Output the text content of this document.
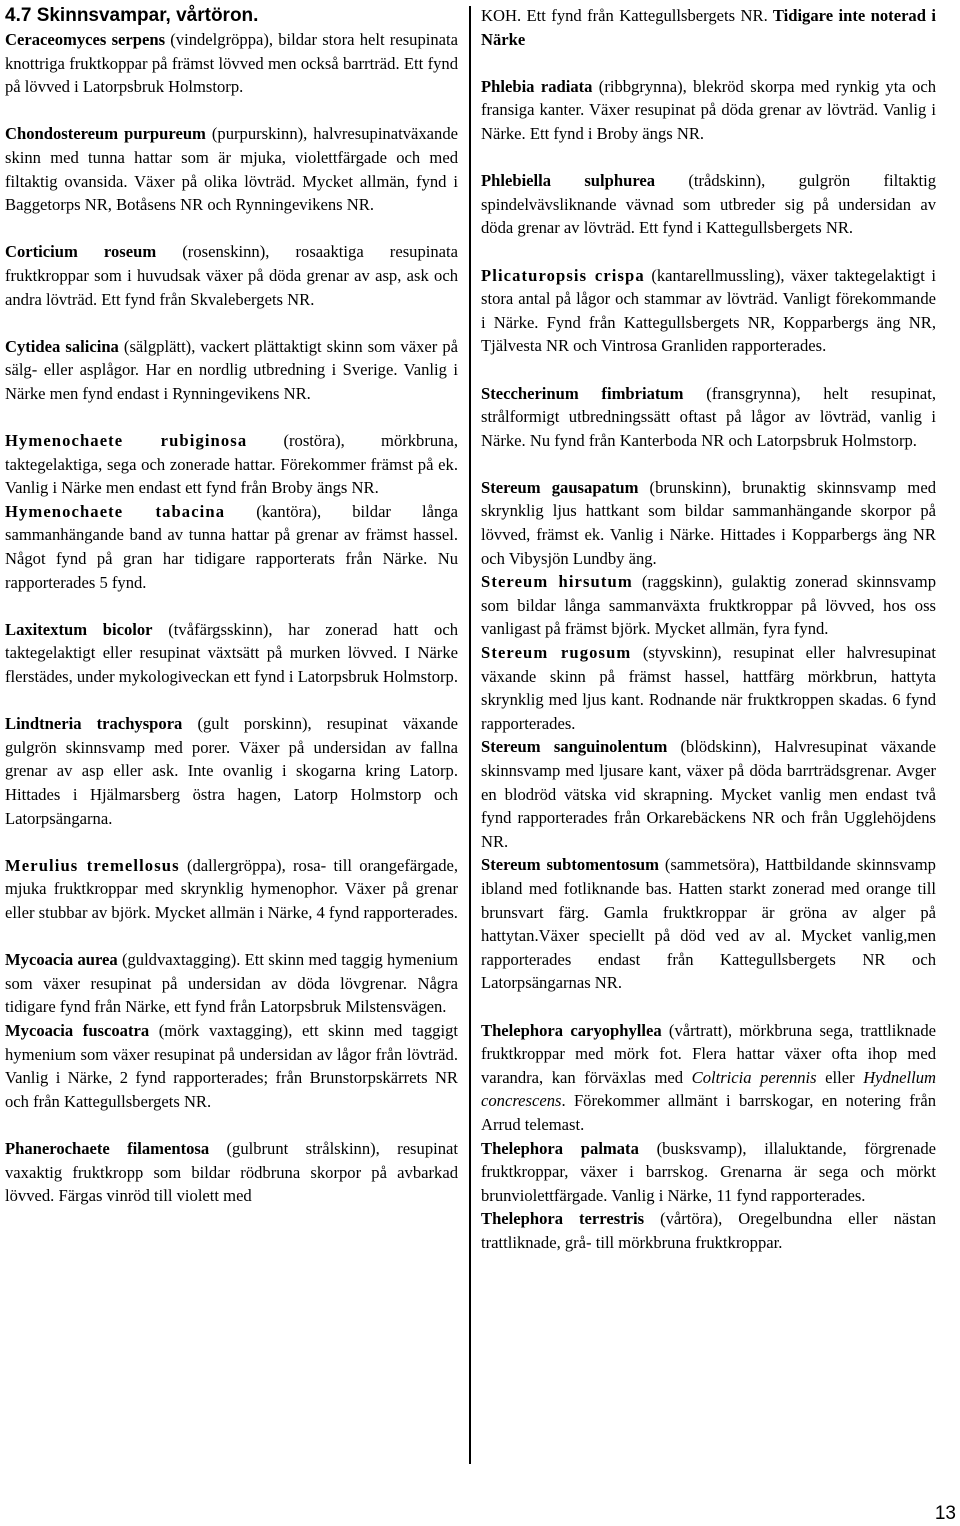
4.7 Skinnsvampar, vårtöron.

Ceraceomyces serpens (vindelgröppa), bildar stora helt resupinata knottriga fruktkoppar på främst lövved men också barrträd. Ett fynd på lövved i Latorpsbruk Holmstorp.

Chondostereum purpureum (purpurskinn), halvresupinatväxande skinn med tunna hattar som är mjuka, violettfärgade och med filtaktig ovansida. Växer på olika lövträd. Mycket allmän, fynd i Baggetorps NR, Botåsens NR och Rynningevikens NR.

Corticium roseum (rosenskinn), rosaaktiga resupinata fruktkroppar som i huvudsak växer på döda grenar av asp, ask och andra lövträd. Ett fynd från Skvalebergets NR.

Cytidea salicina (sälgplätt), vackert plättaktigt skinn som växer på sälg- eller asplågor. Har en nordlig utbredning i Sverige. Vanlig i Närke men fynd endast i Rynningevikens NR.

Hymenochaete rubiginosa (rostöra), mörkbruna, taktegelaktiga, sega och zonerade hattar. Förekommer främst på ek. Vanlig i Närke men endast ett fynd från Broby ängs NR.

Hymenochaete tabacina (kantöra), bildar långa sammanhängande band av tunna hattar på grenar av främst hassel. Något fynd på gran har tidigare rapporterats från Närke. Nu rapporterades 5 fynd.

Laxitextum bicolor (tvåfärgsskinn), har zonerad hatt och taktegelaktigt eller resupinat växtsätt på murken lövved. I Närke flerstädes, under mykologiveckan ett fynd i Latorpsbruk Holmstorp.

Lindtneria trachyspora (gult porskinn), resupinat växande gulgrön skinnsvamp med porer. Växer på undersidan av fallna grenar av asp eller ask. Inte ovanlig i skogarna kring Latorp. Hittades i Hjälmarsberg östra hagen, Latorp Holmstorp och Latorpsängarna.

Merulius tremellosus (dallergröppa), rosa- till orangefärgade, mjuka fruktkroppar med skrynklig hymenophor. Växer på grenar eller stubbar av björk. Mycket allmän i Närke, 4 fynd rapporterades.

Mycoacia aurea (guldvaxtagging). Ett skinn med taggig hymenium som växer resupinat på undersidan av döda lövgrenar. Några tidigare fynd från Närke, ett fynd från Latorpsbruk Milstensvägen.

Mycoacia fuscoatra (mörk vaxtagging), ett skinn med taggigt hymenium som växer resupinat på undersidan av lågor från lövträd. Vanlig i Närke, 2 fynd rapporterades; från Brunstorpskärrets NR och från Kattegullsbergets NR.

Phanerochaete filamentosa (gulbrunt strålskinn), resupinat vaxaktig fruktkropp som bildar rödbruna skorpor på avbarkad lövved. Färgas vinröd till violett med

KOH. Ett fynd från Kattegullsbergets NR. Tidigare inte noterad i Närke

Phlebia radiata (ribbgrynna), blekröd skorpa med rynkig yta och fransiga kanter. Växer resupinat på döda grenar av lövträd. Vanlig i Närke. Ett fynd i Broby ängs NR.

Phlebiella sulphurea (trådskinn), gulgrön filtaktig spindelvävsliknande vävnad som utbreder sig på undersidan av döda grenar av lövträd. Ett fynd i Kattegullsbergets NR.

Plicaturopsis crispa (kantarellmussling), växer taktegelaktigt i stora antal på lågor och stammar av lövträd. Vanligt förekommande i Närke. Fynd från Kattegullsbergets NR, Kopparbergs äng NR, Tjälvesta NR och Vintrosa Granliden rapporterades.

Steccherinum fimbriatum (fransgrynna), helt resupinat, strålformigt utbredningssätt oftast på lågor av lövträd, vanlig i Närke. Nu fynd från Kanterboda NR och Latorpsbruk Holmstorp.

Stereum gausapatum (brunskinn), brunaktig skinnsvamp med skrynklig ljus hattkant som bildar sammanhängande skorpor på lövved, främst ek. Vanlig i Närke. Hittades i Kopparbergs äng NR och Vibysjön Lundby äng.

Stereum hirsutum (raggskinn), gulaktig zonerad skinnsvamp som bildar långa sammanväxta fruktkroppar på lövved, hos oss vanligast på främst björk. Mycket allmän, fyra fynd.

Stereum rugosum (styvskinn), resupinat eller halvresupinat växande skinn på främst hassel, hattfärg mörkbrun, hattyta skrynklig med ljus kant. Rodnande när fruktkroppen skadas. 6 fynd rapporterades.

Stereum sanguinolentum (blödskinn), Halvresupinat växande skinnsvamp med ljusare kant, växer på döda barrträdsgrenar. Avger en blodröd vätska vid skrapning. Mycket vanlig men endast två fynd rapporterades från Orkarebäckens NR och från Ugglehöjdens NR.

Stereum subtomentosum (sammetsöra), Hattbildande skinnsvamp ibland med fotliknande bas. Hatten starkt zonerad med orange till brunsvart färg. Gamla fruktkroppar är gröna av alger på hattytan.Växer speciellt på död ved av al. Mycket vanlig,men rapporterades endast från Kattegullsbergets NR och Latorpsängarnas NR.

Thelephora caryophyllea (vårtratt), mörkbruna sega, trattliknade fruktkroppar med mörk fot. Flera hattar växer ofta ihop med varandra, kan förväxlas med Coltricia perennis eller Hydnellum concrescens. Förekommer allmänt i barrskogar, en notering från Arrud telemast.

Thelephora palmata (busksvamp), illaluktande, förgrenade fruktkroppar, växer i barrskog. Grenarna är sega och mörkt brunviolettfärgade. Vanlig i Närke, 11 fynd rapporterades.

Thelephora terrestris (vårtöra), Oregelbundna eller nästan trattliknade, grå- till mörkbruna fruktkroppar.

13
